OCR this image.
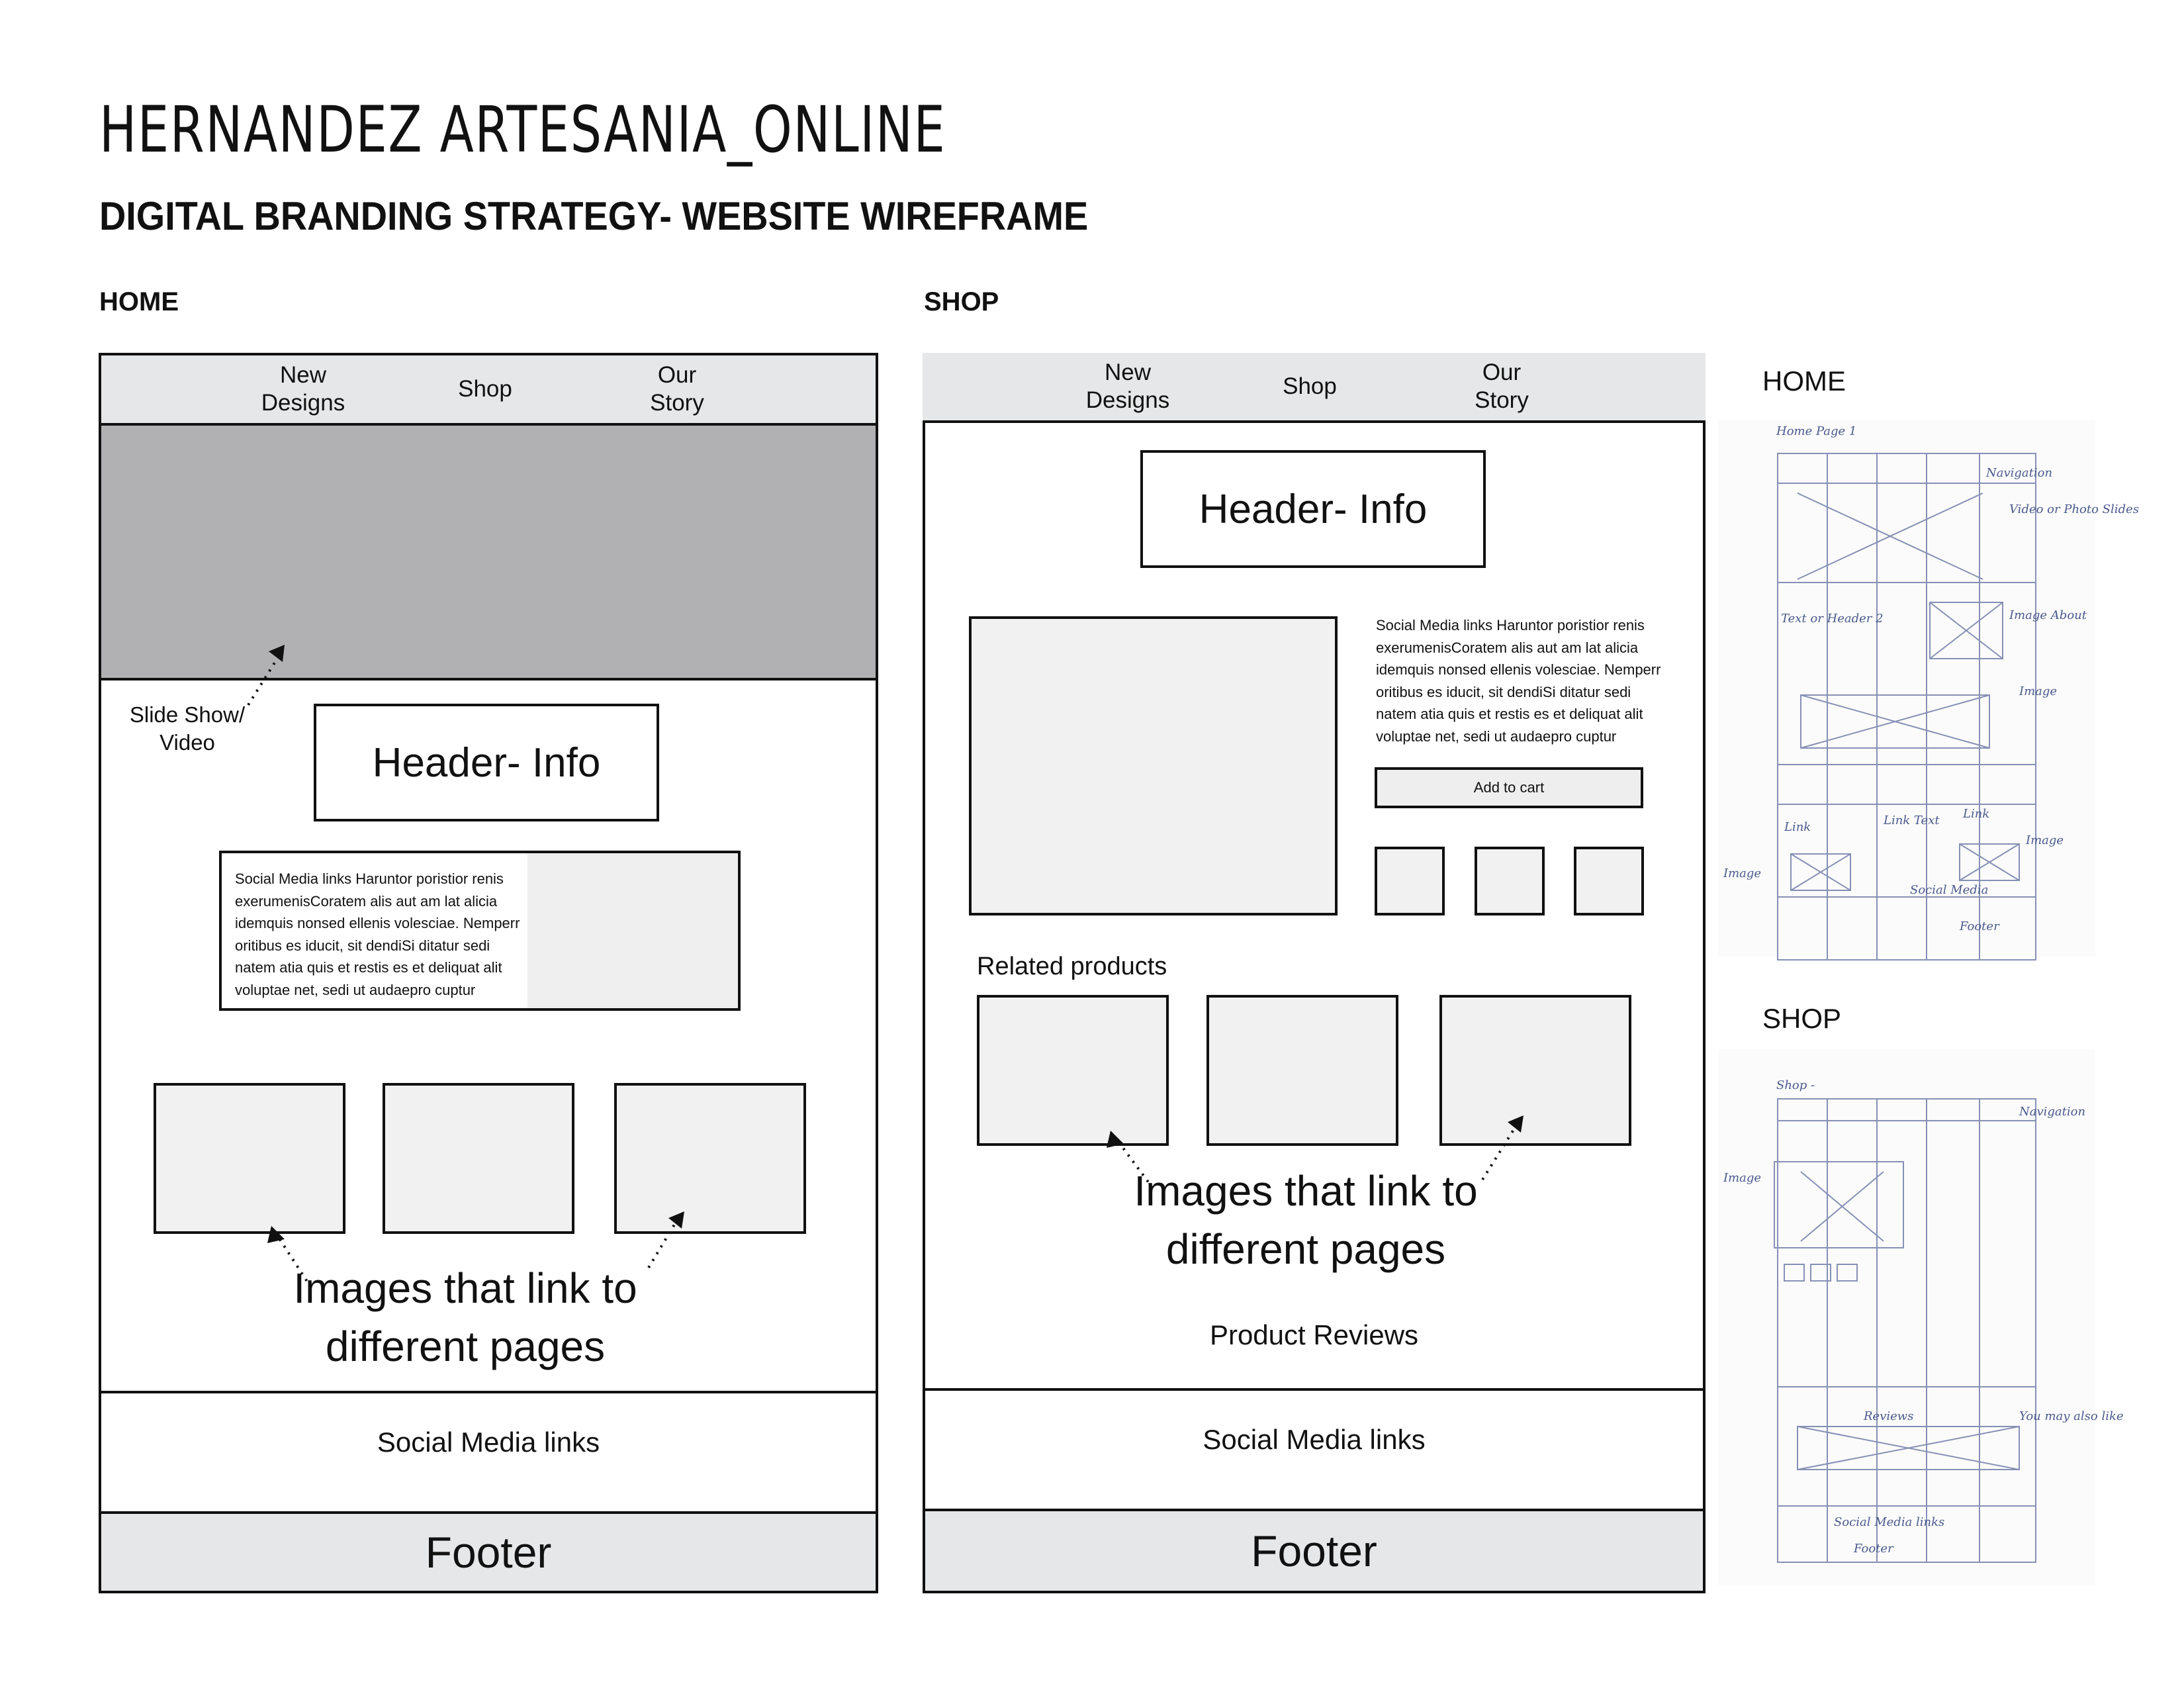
HERNANDEZ ARTESANIA_ONLINE
DIGITAL BRANDING STRATEGY- WEBSITE WIREFRAME
HOME
New
Designs
Shop
Our
Story
Slide Show/
Video	Header- Info
Social Media links Haruntor poristior renis
exerumenisCoratem alis aut am lat alicia
idemquis nonsed ellenis volesciae. Nemperr
oritibus es iducit, sit dendiSi ditatur sedi
natem atia quis et restis es et deliquat alit
voluptae net, sedi ut audaepro cuptur
Images that link to
different pages
Social Media links
Footer
SHOP
New
Designs
Shop
Our
Story
Header- Info
Social Media links Haruntor poristior renis
exerumenisCoratem alis aut am lat alicia
idemquis nonsed ellenis volesciae. Nemperr
oritibus es iducit, sit dendiSi ditatur sedi
natem atia quis et restis es et deliquat alit
voluptae net, sedi ut audaepro cuptur
Add to cart
Related products
Images that link to
different pages
Product Reviews
Social Media links
Footer
HOME
SHOP
Home Page 1
Navigation
Video or Photo Slides
Text or Header 2	Image About
Image
Link	Link Text Link
Image
Image
Social Media
Footer
Shop -
Navigation
Image
Reviews	You may also like
Social Media links
Footer
